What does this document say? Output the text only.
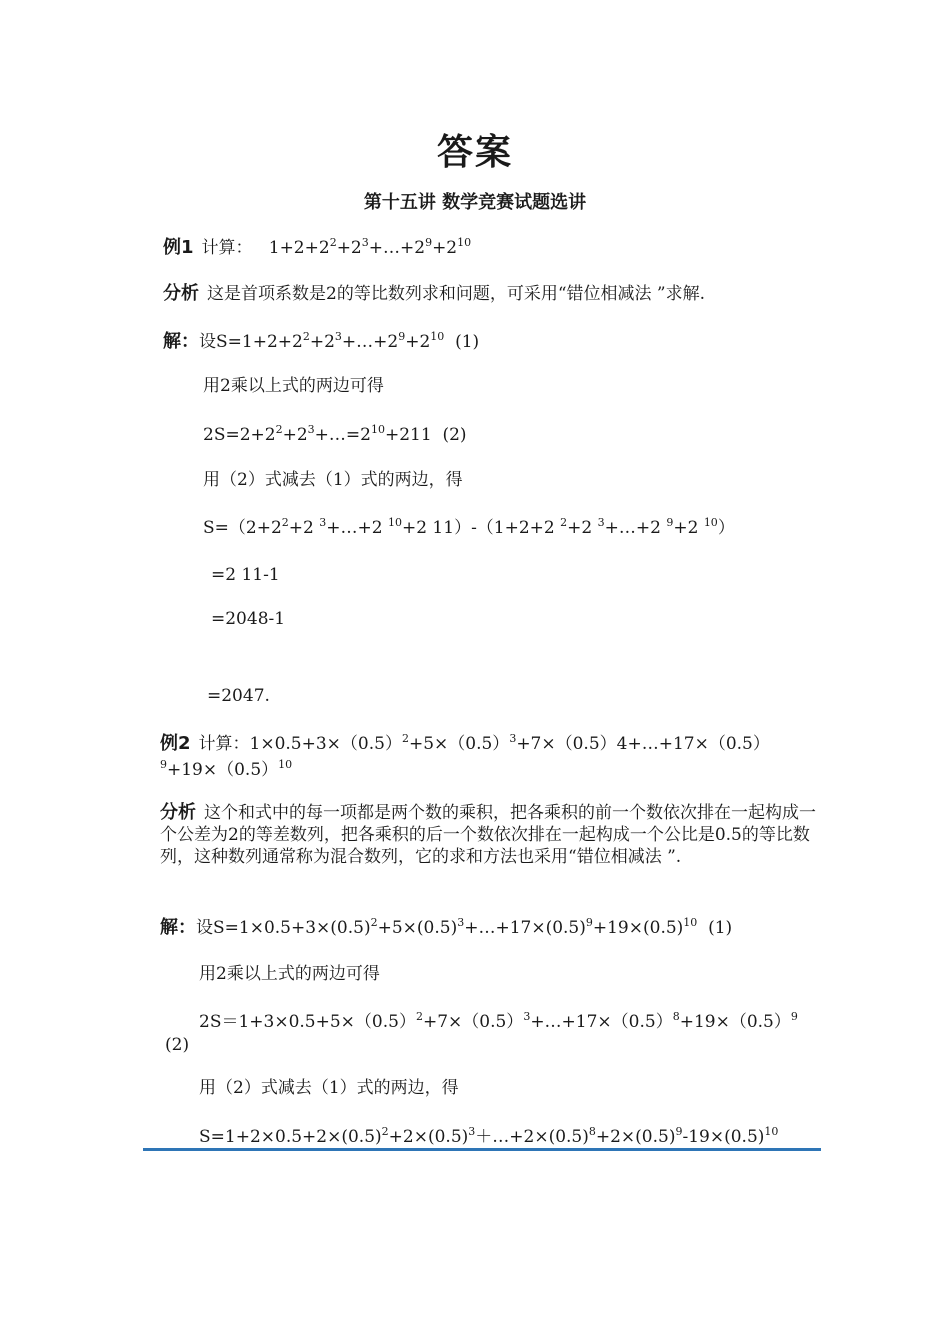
答案
第十五讲 数学竞赛试题选讲
例1 计算： $1+2+2^2+2^3+\dots+2^9+2^{10}$
分析 这是首项系数是2的等比数列求和问题，可采用“错位相减法 ”求解.
解：设$S=1+2+2^2+2^3+\dots+2^9+2^{10}$  (1)
用2乘以上式的两边可得
$2S=2+2^2+2^3+\dots=2^{10}+211$  (2)
用（2）式减去（1）式的两边，得
$S=(2+2^2+2$ $^3$+…+2 $^{10}$+2 11）-（1+2+2 $^2$+2 $^3$+…+2 $^9$+2 $^{10}$）
=2 11-1
=2048-1
=2047.
例2 计算：$1\times 0.5+3\times(0.5)^2+5\times(0.5)^3+7\times(0.5)4+\dots+17\times(0.5)$
$^9+19\times(0.5)^{10}$
分析 这个和式中的每一项都是两个数的乘积，把各乘积的前一个数依次排在一起构成一个公差为2的等差数列，把各乘积的后一个数依次排在一起构成一个公比是0.5的等比数列，这种数列通常称为混合数列，它的求和方法也采用“错位相减法 ”.
解：设$S=1\times 0.5+3\times(0.5)^2+5\times(0.5)^3+\dots+17\times(0.5)^9+19\times(0.5)^{10}$  (1)
用2乘以上式的两边可得
$2S=1+3\times 0.5+5\times(0.5)^2+7\times(0.5)^3+\dots+17\times(0.5)^8+19\times(0.5)^9$
(2)
用（2）式减去（1）式的两边，得
$S=1+2\times 0.5+2\times(0.5)^2+2\times(0.5)^3+\dots+2\times(0.5)^8+2\times(0.5)^9-19\times(0.5)^{10}$
